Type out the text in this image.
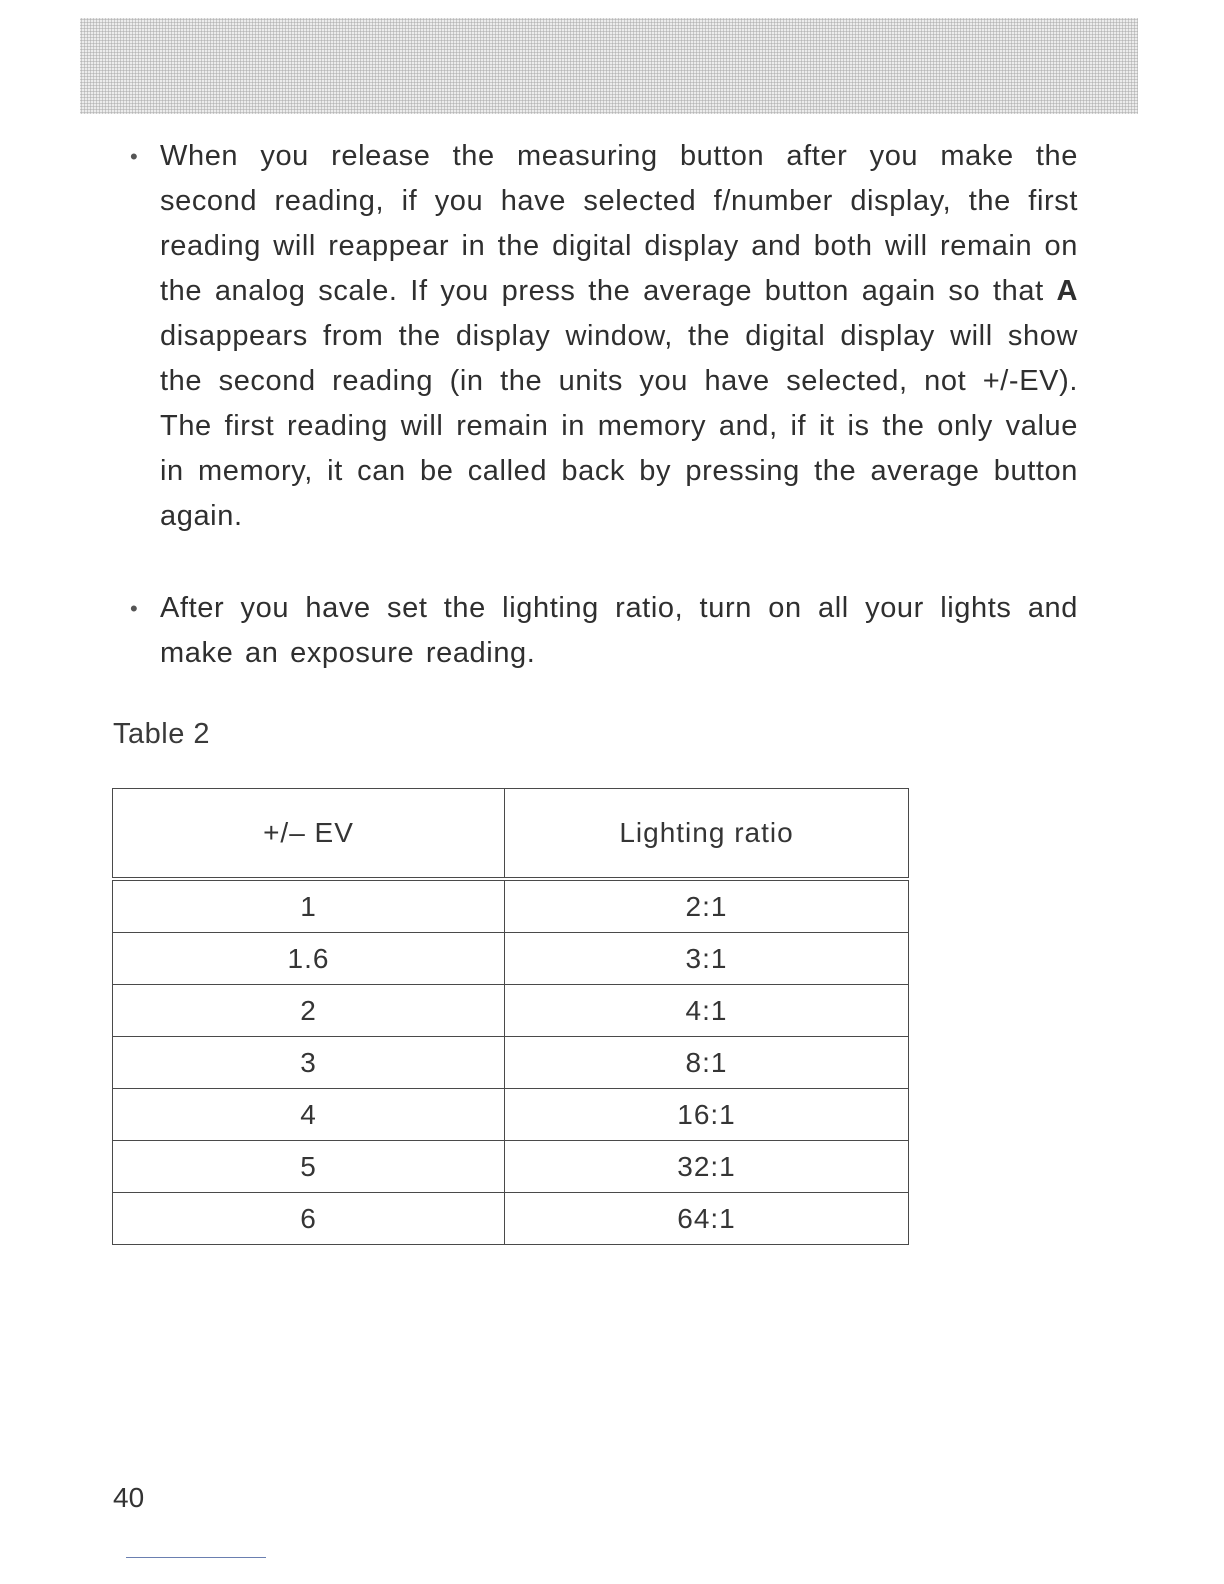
• When you release the measuring button after you make the second reading, if you have selected f/number display, the first reading will reappear in the digital display and both will remain on the analog scale. If you press the average button again so that A disappears from the display window, the digital display will show the second reading (in the units you have selected, not +/-EV). The first reading will remain in memory and, if it is the only value in memory, it can be called back by pressing the average button again.
• After you have set the lighting ratio, turn on all your lights and make an exposure reading.
Table 2
+/– EV	Lighting ratio
1	2:1
1.6	3:1
2	4:1
3	8:1
4	16:1
5	32:1
6	64:1
40
